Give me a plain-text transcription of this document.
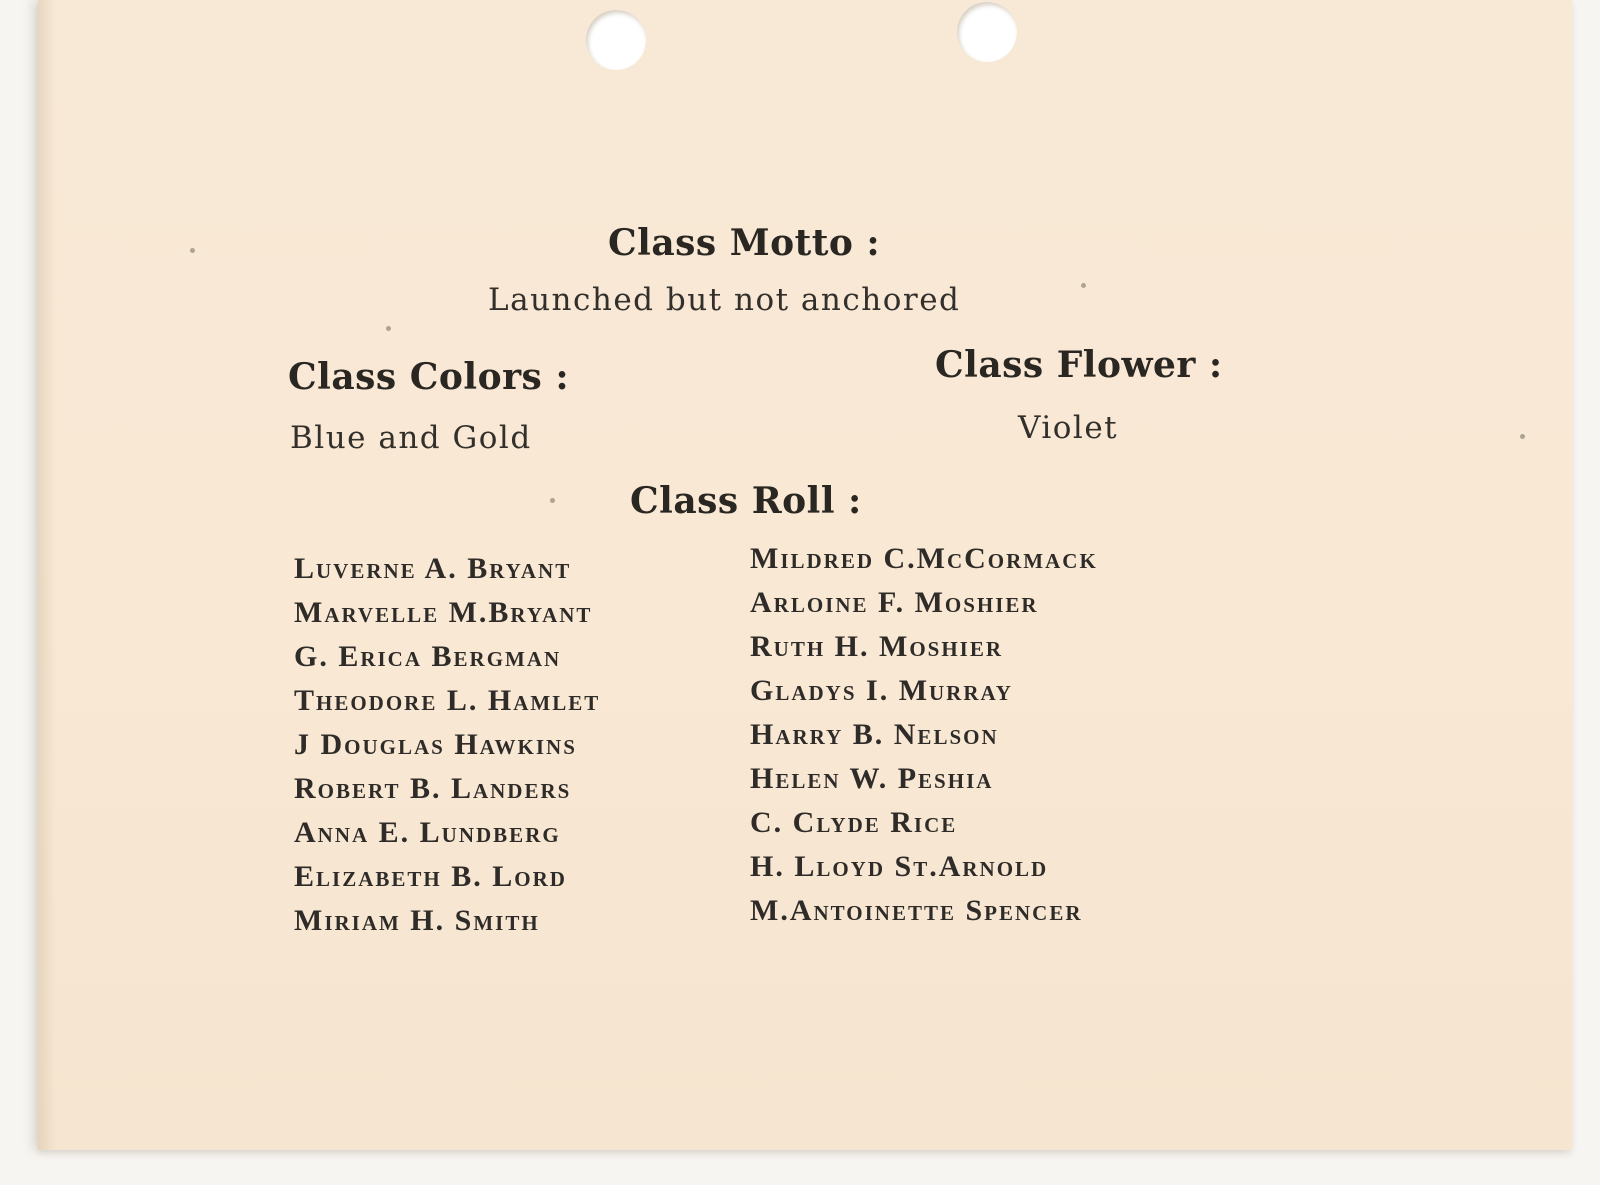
Class Motto :
Launched but not anchored
Class Colors :
Blue and Gold
Class Flower :
Violet
Class Roll :
Luverne A. Bryant
Marvelle M.Bryant
G. Erica Bergman
Theodore L. Hamlet
J Douglas Hawkins
Robert B. Landers
Anna E. Lundberg
Elizabeth B. Lord
Miriam H. Smith
Mildred C.McCormack
Arloine F. Moshier
Ruth H. Moshier
Gladys I. Murray
Harry B. Nelson
Helen W. Peshia
C. Clyde Rice
H. Lloyd St.Arnold
M.Antoinette Spencer
